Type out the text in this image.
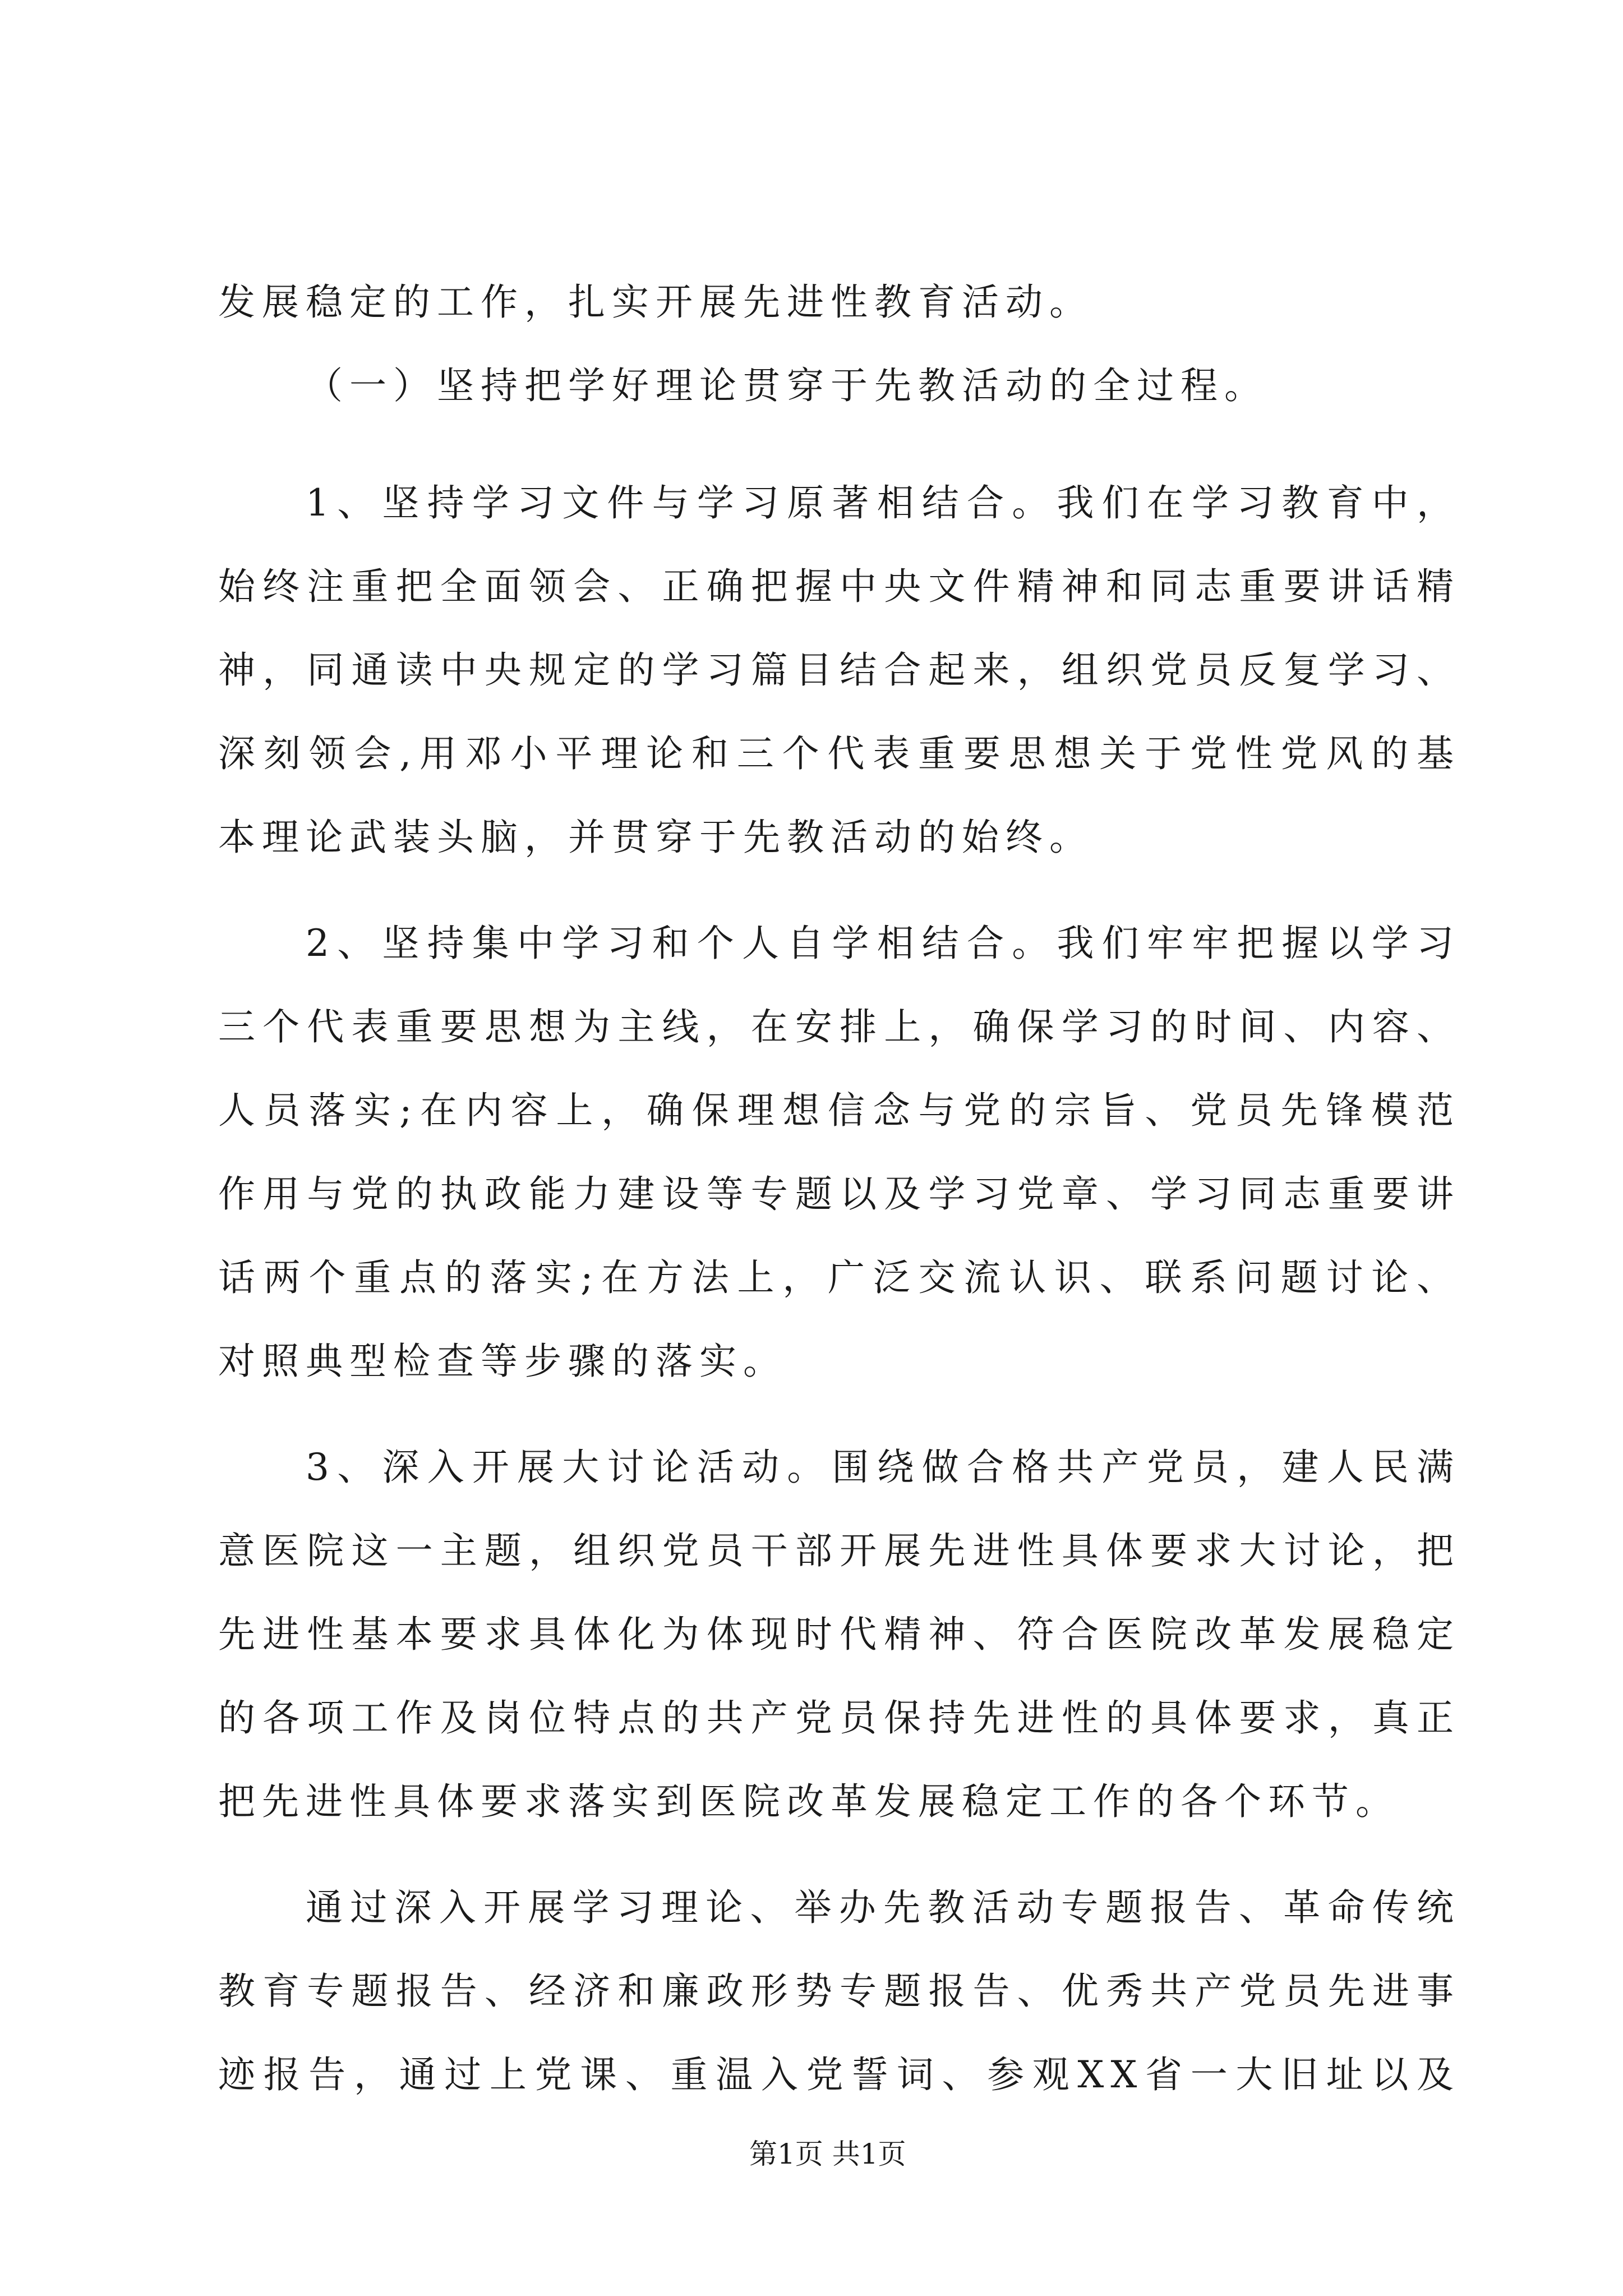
发展稳定的工作，扎实开展先进性教育活动。
（一）坚持把学好理论贯穿于先教活动的全过程。
1、坚持学习文件与学习原著相结合。我们在学习教育中，
始终注重把全面领会、正确把握中央文件精神和同志重要讲话精
神，同通读中央规定的学习篇目结合起来，组织党员反复学习、
深刻领会,用邓小平理论和三个代表重要思想关于党性党风的基
本理论武装头脑，并贯穿于先教活动的始终。
2、坚持集中学习和个人自学相结合。我们牢牢把握以学习
三个代表重要思想为主线，在安排上，确保学习的时间、内容、
人员落实;在内容上，确保理想信念与党的宗旨、党员先锋模范
作用与党的执政能力建设等专题以及学习党章、学习同志重要讲
话两个重点的落实;在方法上，广泛交流认识、联系问题讨论、
对照典型检查等步骤的落实。
3、深入开展大讨论活动。围绕做合格共产党员，建人民满
意医院这一主题，组织党员干部开展先进性具体要求大讨论，把
先进性基本要求具体化为体现时代精神、符合医院改革发展稳定
的各项工作及岗位特点的共产党员保持先进性的具体要求，真正
把先进性具体要求落实到医院改革发展稳定工作的各个环节。
通过深入开展学习理论、举办先教活动专题报告、革命传统
教育专题报告、经济和廉政形势专题报告、优秀共产党员先进事
迹报告，通过上党课、重温入党誓词、参观XX省一大旧址以及
第1页 共1页
